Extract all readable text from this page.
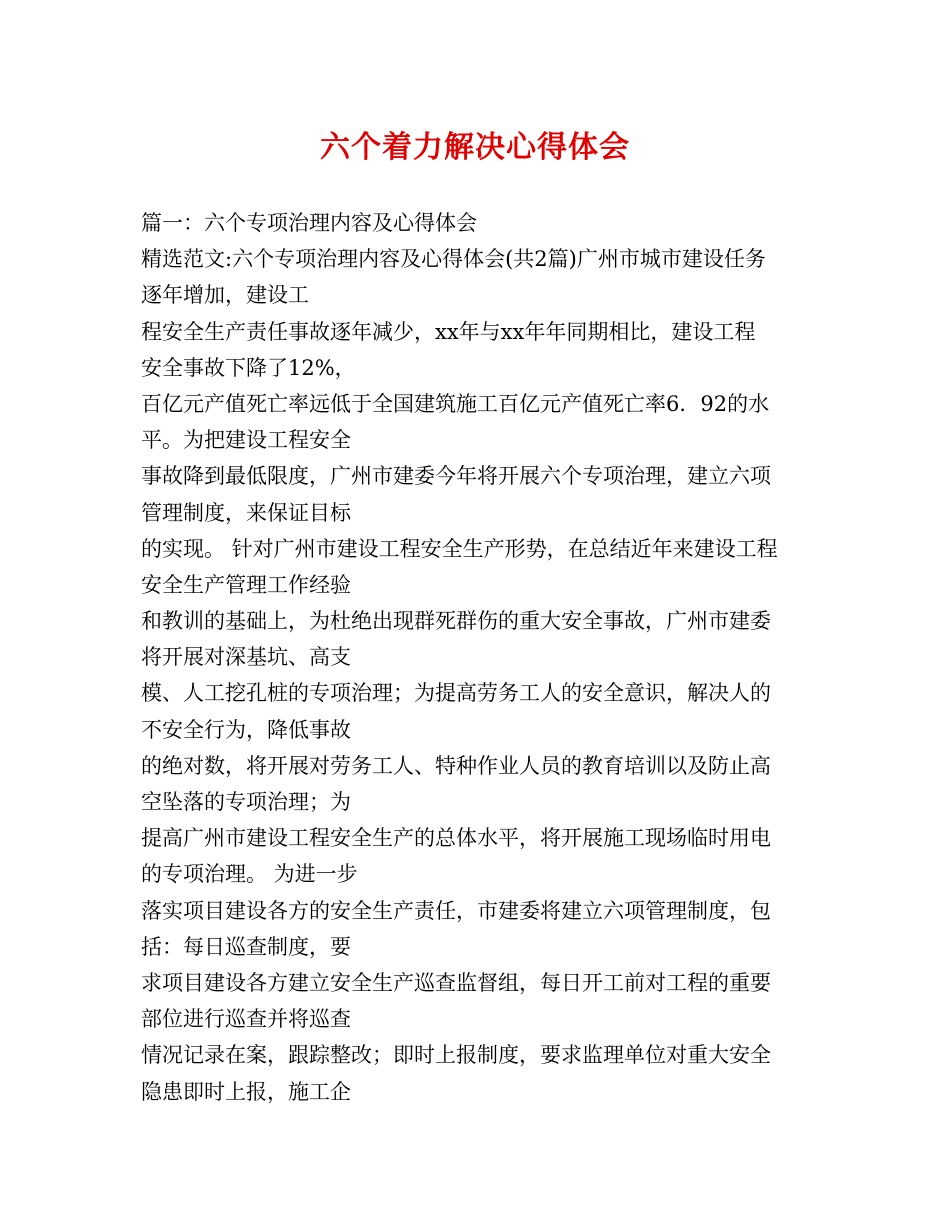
六个着力解决心得体会
篇一：六个专项治理内容及心得体会
精选范文:六个专项治理内容及心得体会(共2篇)广州市城市建设任务
逐年增加，建设工
程安全生产责任事故逐年减少，xx年与xx年年同期相比，建设工程
安全事故下降了12%，
百亿元产值死亡率远低于全国建筑施工百亿元产值死亡率6．92的水
平。为把建设工程安全
事故降到最低限度，广州市建委今年将开展六个专项治理，建立六项
管理制度，来保证目标
的实现。 针对广州市建设工程安全生产形势，在总结近年来建设工程
安全生产管理工作经验
和教训的基础上，为杜绝出现群死群伤的重大安全事故，广州市建委
将开展对深基坑、高支
模、人工挖孔桩的专项治理；为提高劳务工人的安全意识，解决人的
不安全行为，降低事故
的绝对数，将开展对劳务工人、特种作业人员的教育培训以及防止高
空坠落的专项治理；为
提高广州市建设工程安全生产的总体水平，将开展施工现场临时用电
的专项治理。 为进一步
落实项目建设各方的安全生产责任，市建委将建立六项管理制度，包
括：每日巡查制度，要
求项目建设各方建立安全生产巡查监督组，每日开工前对工程的重要
部位进行巡查并将巡查
情况记录在案，跟踪整改；即时上报制度，要求监理单位对重大安全
隐患即时上报，施工企
